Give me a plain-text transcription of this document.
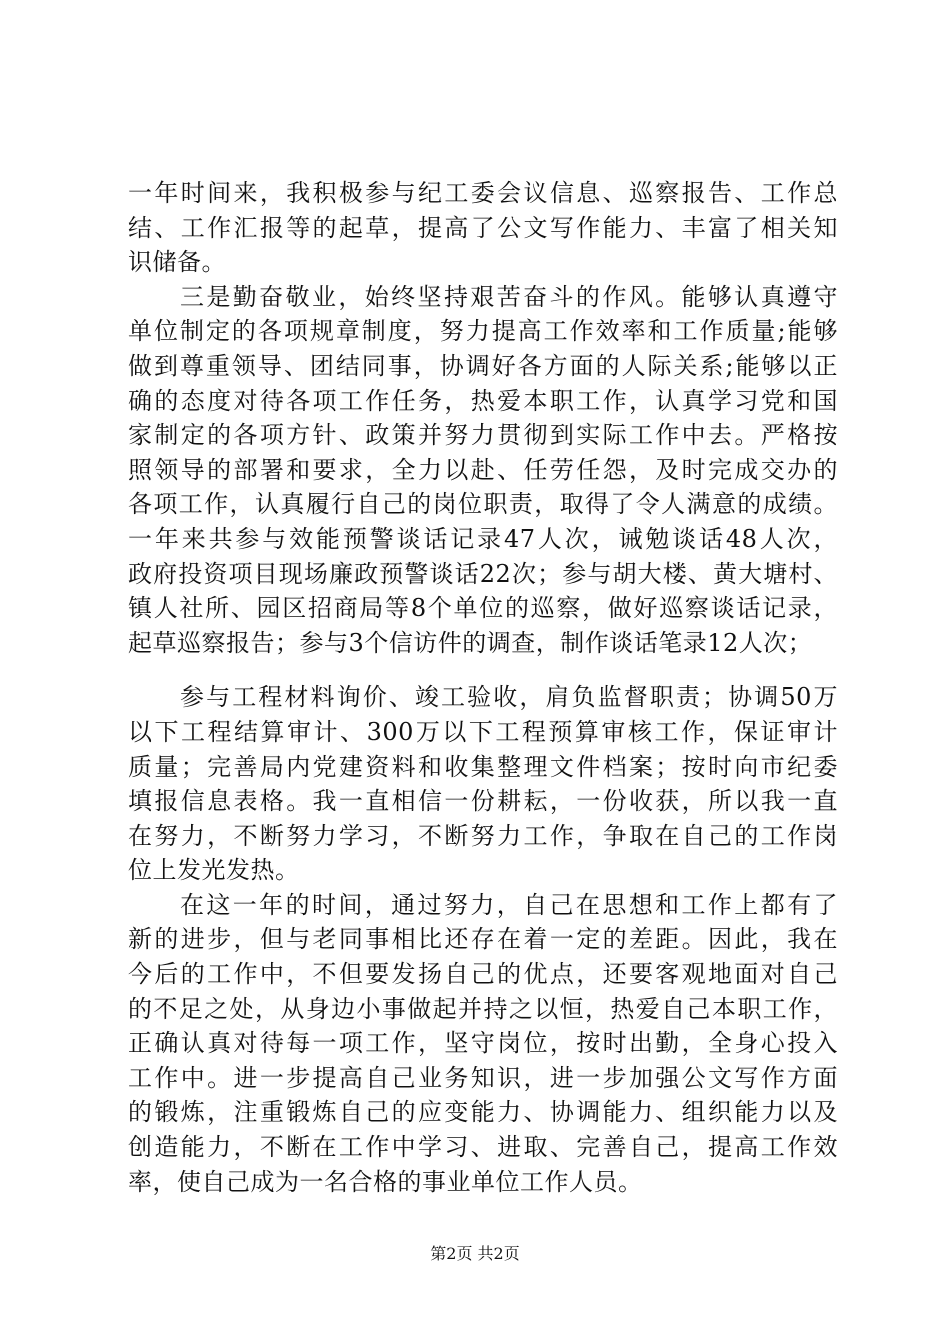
一年时间来，我积极参与纪工委会议信息、巡察报告、工作总
结、工作汇报等的起草，提高了公文写作能力、丰富了相关知
识储备。
三是勤奋敬业，始终坚持艰苦奋斗的作风。能够认真遵守
单位制定的各项规章制度，努力提高工作效率和工作质量;能够
做到尊重领导、团结同事，协调好各方面的人际关系;能够以正
确的态度对待各项工作任务，热爱本职工作，认真学习党和国
家制定的各项方针、政策并努力贯彻到实际工作中去。严格按
照领导的部署和要求，全力以赴、任劳任怨，及时完成交办的
各项工作，认真履行自己的岗位职责，取得了令人满意的成绩。
一年来共参与效能预警谈话记录47人次，诫勉谈话48人次，
政府投资项目现场廉政预警谈话22次；参与胡大楼、黄大塘村、
镇人社所、园区招商局等8个单位的巡察，做好巡察谈话记录，
起草巡察报告；参与3个信访件的调查，制作谈话笔录12人次；
参与工程材料询价、竣工验收，肩负监督职责；协调50万
以下工程结算审计、300万以下工程预算审核工作，保证审计
质量；完善局内党建资料和收集整理文件档案；按时向市纪委
填报信息表格。我一直相信一份耕耘，一份收获，所以我一直
在努力，不断努力学习，不断努力工作，争取在自己的工作岗
位上发光发热。
在这一年的时间，通过努力，自己在思想和工作上都有了
新的进步，但与老同事相比还存在着一定的差距。因此，我在
今后的工作中，不但要发扬自己的优点，还要客观地面对自己
的不足之处，从身边小事做起并持之以恒，热爱自己本职工作，
正确认真对待每一项工作，坚守岗位，按时出勤，全身心投入
工作中。进一步提高自己业务知识，进一步加强公文写作方面
的锻炼，注重锻炼自己的应变能力、协调能力、组织能力以及
创造能力，不断在工作中学习、进取、完善自己，提高工作效
率，使自己成为一名合格的事业单位工作人员。
第2页 共2页
